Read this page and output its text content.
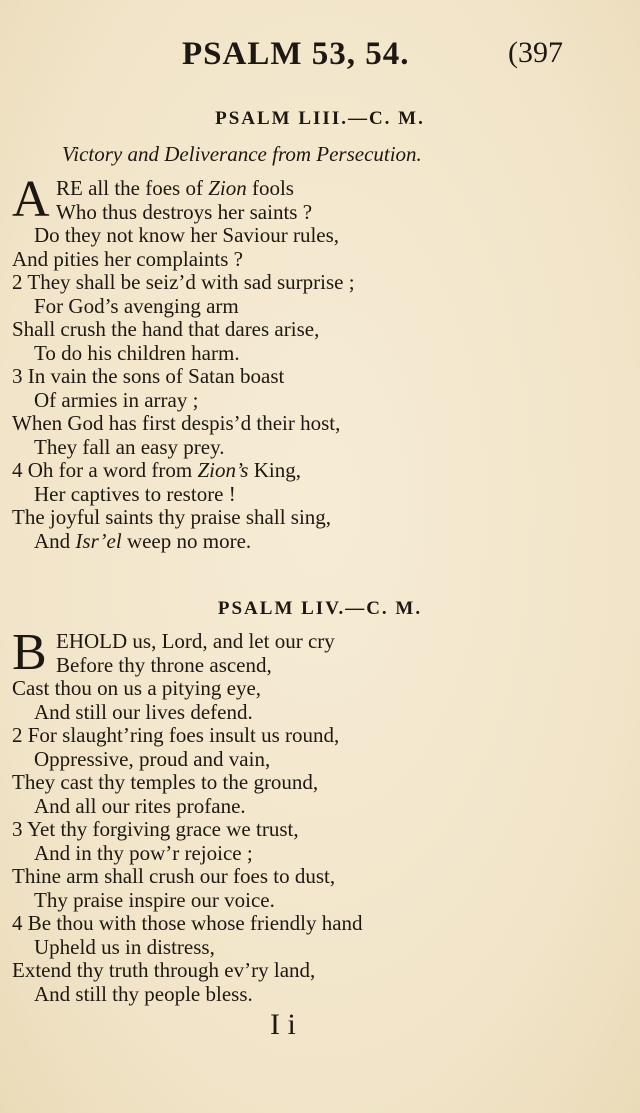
PSALM 53, 54.	(397
PSALM LIII.—C. M.
Victory and Deliverance from Persecution.
A RE all the foes of Zion fools
Who thus destroys her saints ?
Do they not know her Saviour rules,
And pities her complaints ?
2 They shall be seiz’d with sad surprise ;
For God’s avenging arm
Shall crush the hand that dares arise,
To do his children harm.
3 In vain the sons of Satan boast
Of armies in array ;
When God has first despis’d their host,
They fall an easy prey.
4 Oh for a word from Zion’s King,
Her captives to restore !
The joyful saints thy praise shall sing,
And Isr’el weep no more.
PSALM LIV.—C. M.
B EHOLD us, Lord, and let our cry
Before thy throne ascend,
Cast thou on us a pitying eye,
And still our lives defend.
2 For slaught’ring foes insult us round,
Oppressive, proud and vain,
They cast thy temples to the ground,
And all our rites profane.
3 Yet thy forgiving grace we trust,
And in thy pow’r rejoice ;
Thine arm shall crush our foes to dust,
Thy praise inspire our voice.
4 Be thou with those whose friendly hand
Upheld us in distress,
Extend thy truth through ev’ry land,
And still thy people bless.
I i
